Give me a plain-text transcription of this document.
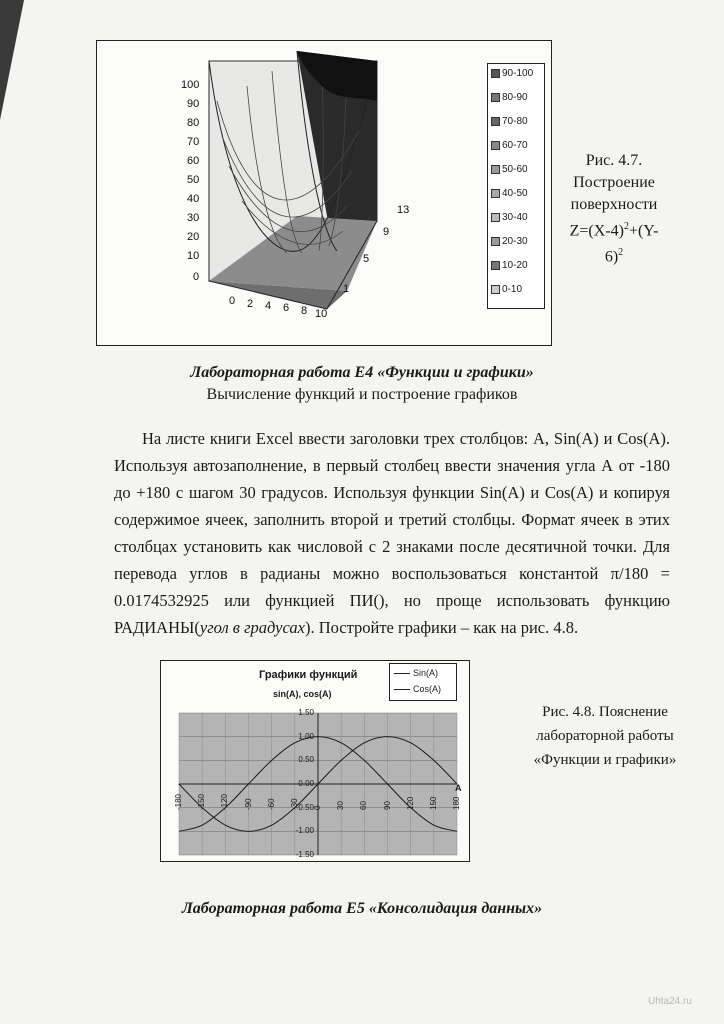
100
90
80
70
60
50
40
30
20
10
0
0 2 4 6 8 10
1
5
9
13
90-100
80-90
70-80
60-70
50-60
40-50
30-40
20-30
10-20
0-10
Рис. 4.7.
Построение
поверхности
$Z=(X-4)^2+(Y-$
6)$^2$
Лабораторная работа Е4 «Функции и графики»
Вычисление функций и построение графиков
На листе книги Excel ввести заголовки трех столбцов: А, Sin(A) и Cos(A). Используя автозаполнение, в первый столбец ввести значения угла А от -180 до +180 с шагом 30 градусов. Используя функции Sin(A) и Cos(A) и копируя содержимое ячеек, заполнить второй и третий столбцы. Формат ячеек в этих столбцах установить как числовой с 2 знаками после десятичной точки. Для перевода углов в радианы можно воспользоваться константой π/180 = 0.0174532925 или функцией ПИ(), но проще использовать функцию РАДИАНЫ(угол в градусах). Постройте графики – как на рис. 4.8.
Графики функций
sin(A), cos(A)
Sin(A)
Cos(A)
A
1.50
1.00
0.50
0.00
-0.50
-1.00
-1.50
-180 -150 -120 -90 -60 -30 0 30 60 90 120 150 180
Рис. 4.8. Пояснение
лабораторной работы
«Функции и графики»
Лабораторная работа Е5 «Консолидация данных»
Uhta24.ru
